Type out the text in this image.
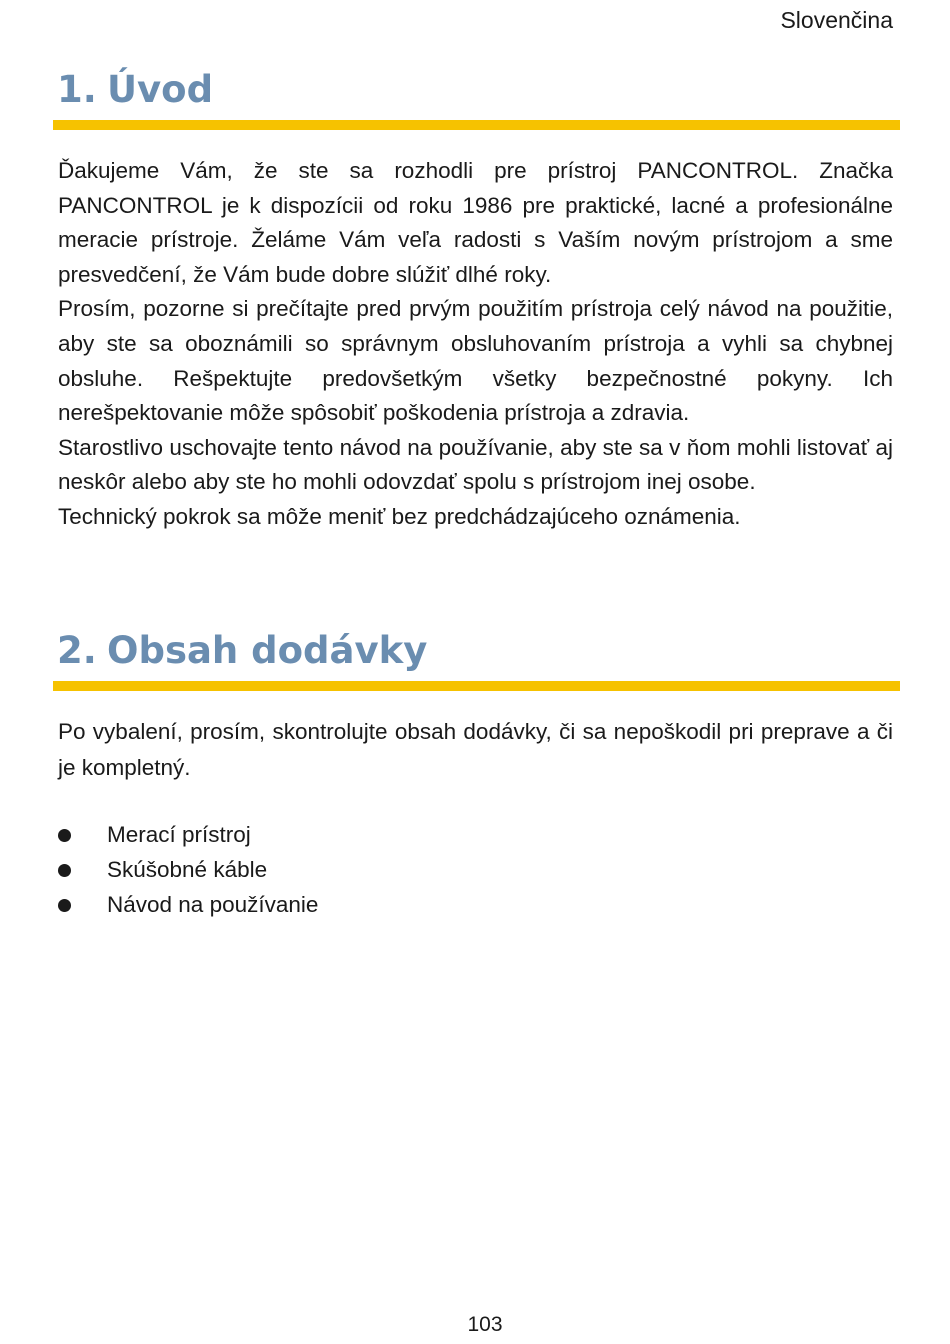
Slovenčina
1. Úvod

Ďakujeme Vám, že ste sa rozhodli pre prístroj PANCONTROL. Značka PANCONTROL je k dispozícii od roku 1986 pre praktické, lacné a profesionálne meracie prístroje. Želáme Vám veľa radosti s Vaším novým prístrojom a sme presvedčení, že Vám bude dobre slúžiť dlhé roky.

Prosím, pozorne si prečítajte pred prvým použitím prístroja celý návod na použitie, aby ste sa oboznámili so správnym obsluhovaním prístroja a vyhli sa chybnej obsluhe. Rešpektujte predovšetkým všetky bezpečnostné pokyny. Ich nerešpektovanie môže spôsobiť poškodenia prístroja a zdravia.

Starostlivo uschovajte tento návod na používanie, aby ste sa v ňom mohli listovať aj neskôr alebo aby ste ho mohli odovzdať spolu s prístrojom inej osobe.

Technický pokrok sa môže meniť bez predchádzajúceho oznámenia.

2. Obsah dodávky

Po vybalení, prosím, skontrolujte obsah dodávky, či sa nepoškodil pri preprave a či je kompletný.

Merací prístroj
Skúšobné káble
Návod na používanie
103
